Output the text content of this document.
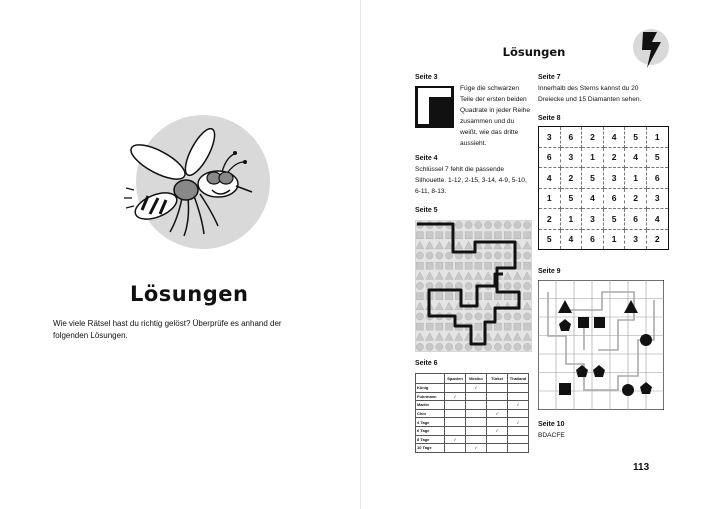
Lösungen
Wie viele Rätsel hast du richtig gelöst? Überprüfe es anhand der
folgenden Lösungen.
Lösungen
Seite 3
Füge die schwarzen
Teile der ersten beiden
Quadrate in jeder Reihe
zusammen und du
weißt, wie das dritte
aussieht.
Seite 4
Schlüssel 7 fehlt die passende
Silhouette. 1-12, 2-15, 3-14, 4-9, 5-10,
6-11, 8-13.
Seite 5
Seite 6
	Spanien	Mexiko	Türkei	Thailand
König		✓		
Fuhrmann	✓			
Martin				✓
Chin			✓	
4 Tage				✓
6 Tage			✓	
8 Tage	✓			
10 Tage		✓		
Seite 7
Innerhalb des Sterns kannst du 20
Dreiecke und 15 Diamanten sehen.
Seite 8
3	6	2	4	5	1
6	3	1	2	4	5
4	2	5	3	1	6
1	5	4	6	2	3
2	1	3	5	6	4
5	4	6	1	3	2
Seite 9
Seite 10
BDACFE
113
